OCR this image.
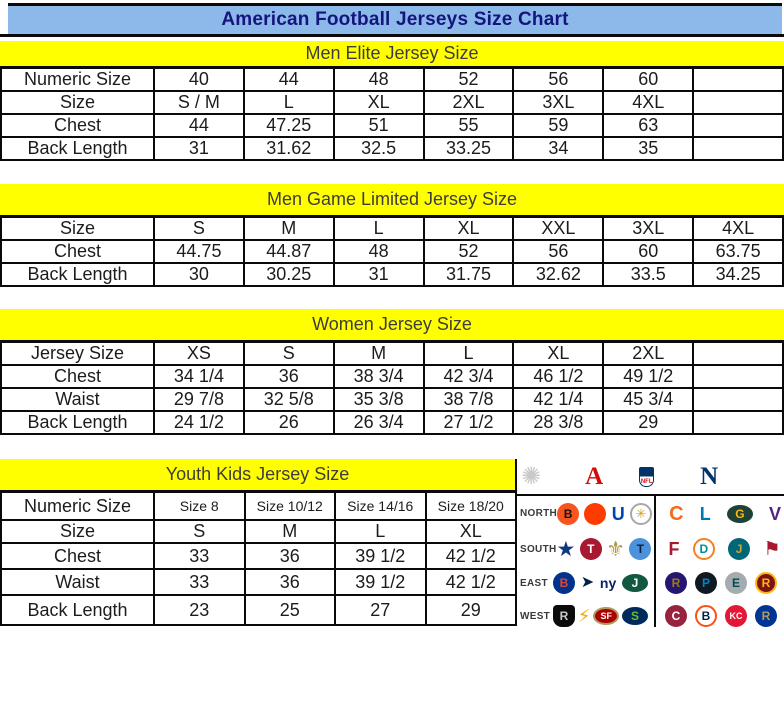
American Football Jerseys Size Chart
Men Elite Jersey Size
Numeric Size	40	44	48	52	56	60
Size	S / M	L	XL	2XL	3XL	4XL
Chest	44	47.25	51	55	59	63
Back Length	31	31.62	32.5	33.25	34	35
Men Game Limited Jersey Size
Size	S	M	L	XL	XXL	3XL	4XL
Chest	44.75	44.87	48	52	56	60	63.75
Back Length	30	30.25	31	31.75	32.62	33.5	34.25
Women Jersey Size
Jersey Size	XS	S	M	L	XL	2XL
Chest	34 1/4	36	38 3/4	42 3/4	46 1/2	49 1/2
Waist	29 7/8	32 5/8	35 3/8	38 7/8	42 1/4	45 3/4
Back Length	24 1/2	26	26 3/4	27 1/2	28 3/8	29
Youth Kids Jersey Size
Numeric Size	Size 8	Size 10/12	Size 14/16	Size 18/20
Size	S	M	L	XL
Chest	33	36	39 1/2	42 1/2
Waist	33	36	39 1/2	42 1/2
Back Length	23	25	27	29
✺ A	NFL N
NORTH B	U ✳ C L	G	V
SOUTH ★ T ⚜ T	F	D	J	⚑
EAST B ➤ ny	J	R	P	E	R
WEST R ⚡	SF	S	C	B	KC	R
